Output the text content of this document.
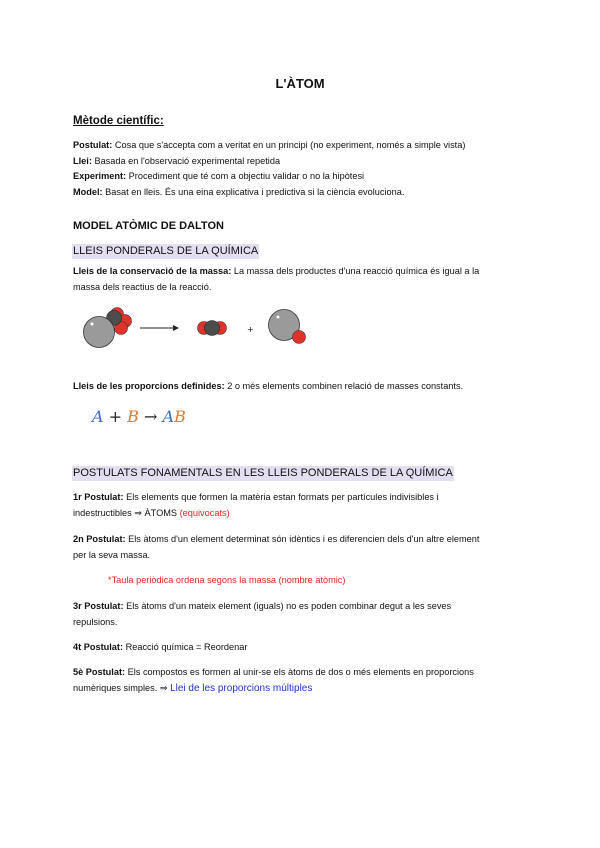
L'ÀTOM
Mètode científic:
Postulat: Cosa que s'accepta com a veritat en un principi (no experiment, només a simple vista)
Llei: Basada en l'observació experimental repetida
Experiment: Procediment que té com a objectiu validar o no la hipòtesi
Model: Basat en lleis. És una eina explicativa i predictiva si la ciència evoluciona.
MODEL ATÒMIC DE DALTON
LLEIS PONDERALS DE LA QUÍMICA
Lleis de la conservació de la massa: La massa dels productes d'una reacció química és igual a la
massa dels reactius de la reacció.
+
Lleis de les proporcions definides: 2 o més elements combinen relació de masses constants.
A + B → AB
POSTULATS FONAMENTALS EN LES LLEIS PONDERALS DE LA QUÍMICA
1r Postulat: Els elements que formen la matèria estan formats per partícules indivisibles i
indestructibles ⇒ ÀTOMS (equivocats)
2n Postulat: Els àtoms d'un element determinat són idèntics i es diferencien dels d'un altre element
per la seva massa.
*Taula periòdica ordena segons la massa (nombre atòmic)
3r Postulat: Els àtoms d'un mateix element (iguals) no es poden combinar degut a les seves
repulsions.
4t Postulat: Reacció química = Reordenar
5è Postulat: Els compostos es formen al unir-se els àtoms de dos o més elements en proporcions
numèriques simples. ⇒ Llei de les proporcions múltiples
